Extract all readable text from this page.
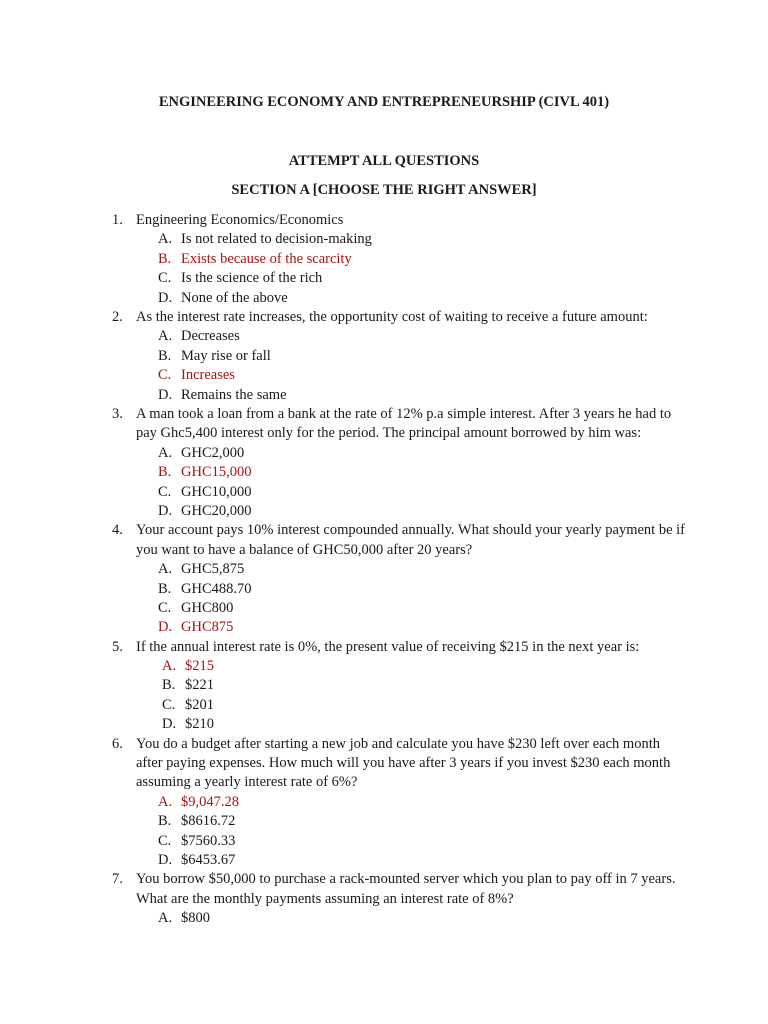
ENGINEERING ECONOMY AND ENTREPRENEURSHIP (CIVL 401)
ATTEMPT ALL QUESTIONS
SECTION A [CHOOSE THE RIGHT ANSWER]
1. Engineering Economics/Economics
A. Is not related to decision-making
B. Exists because of the scarcity
C. Is the science of the rich
D. None of the above
2. As the interest rate increases, the opportunity cost of waiting to receive a future amount:
A. Decreases
B. May rise or fall
C. Increases
D. Remains the same
3. A man took a loan from a bank at the rate of 12% p.a simple interest. After 3 years he had to pay Ghc5,400 interest only for the period. The principal amount borrowed by him was:
A. GHC2,000
B. GHC15,000
C. GHC10,000
D. GHC20,000
4. Your account pays 10% interest compounded annually. What should your yearly payment be if you want to have a balance of GHC50,000 after 20 years?
A. GHC5,875
B. GHC488.70
C. GHC800
D. GHC875
5. If the annual interest rate is 0%, the present value of receiving $215 in the next year is:
A. $215
B. $221
C. $201
D. $210
6. You do a budget after starting a new job and calculate you have $230 left over each month after paying expenses. How much will you have after 3 years if you invest $230 each month assuming a yearly interest rate of 6%?
A. $9,047.28
B. $8616.72
C. $7560.33
D. $6453.67
7. You borrow $50,000 to purchase a rack-mounted server which you plan to pay off in 7 years. What are the monthly payments assuming an interest rate of 8%?
A. $800
